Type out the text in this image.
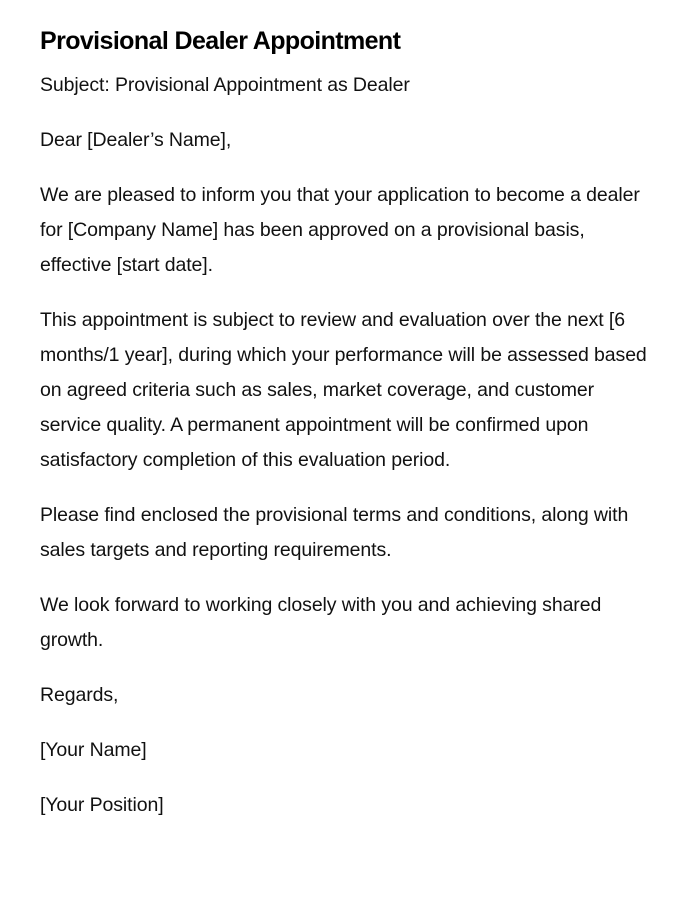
Provisional Dealer Appointment

Subject: Provisional Appointment as Dealer

Dear [Dealer’s Name],

We are pleased to inform you that your application to become a dealer for [Company Name] has been approved on a provisional basis, effective [start date].

This appointment is subject to review and evaluation over the next [6 months/1 year], during which your performance will be assessed based on agreed criteria such as sales, market coverage, and customer service quality. A permanent appointment will be confirmed upon satisfactory completion of this evaluation period.

Please find enclosed the provisional terms and conditions, along with sales targets and reporting requirements.

We look forward to working closely with you and achieving shared growth.

Regards,

[Your Name]

[Your Position]
